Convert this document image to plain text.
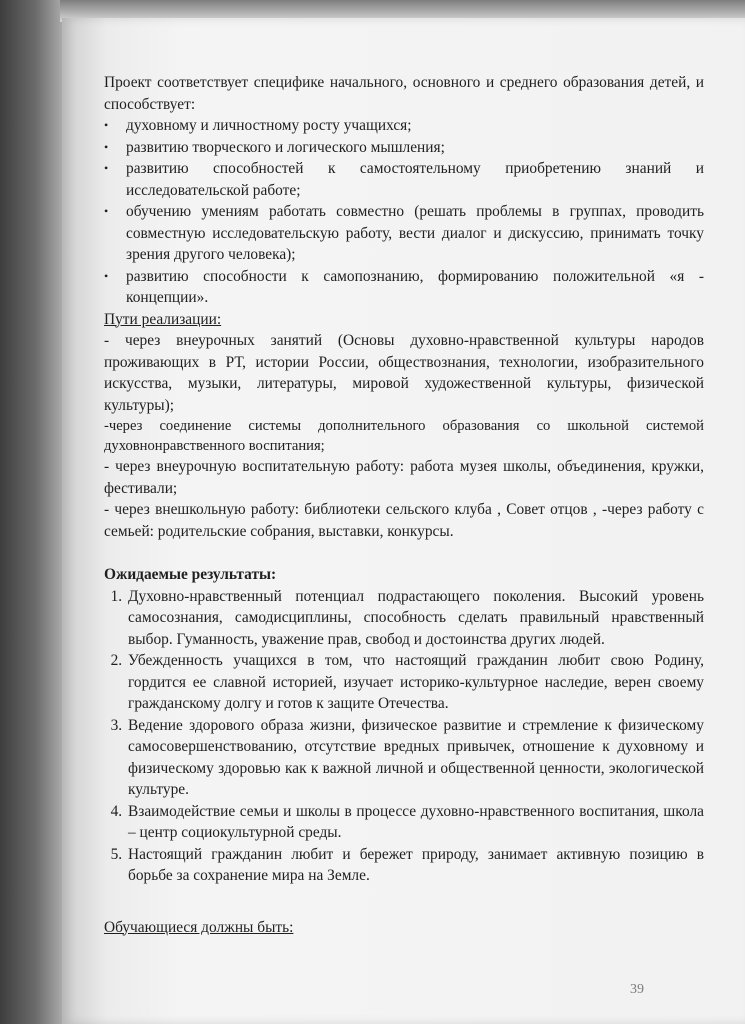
Проект соответствует специфике начального, основного и среднего образования детей, и способствует:

•	духовному и личностному росту учащихся;
•	развитию творческого и логического мышления;
•	развитию способностей к самостоятельному приобретению знаний и исследовательской работе;
•	обучению умениям работать совместно (решать проблемы в группах, проводить совместную исследовательскую работу, вести диалог и дискуссию, принимать точку зрения другого человека);
•	развитию способности к самопознанию, формированию положительной «я - концепции».

Пути реализации:

- через внеурочных занятий (Основы духовно-нравственной культуры народов проживающих в РТ, истории России, обществознания, технологии, изобразительного искусства, музыки, литературы, мировой художественной культуры, физической культуры);

-через соединение системы дополнительного образования со школьной системой духовнонравственного воспитания;

- через внеурочную воспитательную работу: работа музея школы, объединения, кружки, фестивали;

- через внешкольную работу: библиотеки сельского клуба , Совет отцов , -через работу с семьей: родительские собрания, выставки, конкурсы.

Ожидаемые результаты:

1. Духовно-нравственный потенциал подрастающего поколения. Высокий уровень самосознания, самодисциплины, способность сделать правильный нравственный выбор. Гуманность, уважение прав, свобод и достоинства других людей.
2. Убежденность учащихся в том, что настоящий гражданин любит свою Родину, гордится ее славной историей, изучает историко-культурное наследие, верен своему гражданскому долгу и готов к защите Отечества.
3. Ведение здорового образа жизни, физическое развитие и стремление к физическому самосовершенствованию, отсутствие вредных привычек, отношение к духовному и физическому здоровью как к важной личной и общественной ценности, экологической культуре.
4. Взаимодействие семьи и школы в процессе духовно-нравственного воспитания, школа – центр социокультурной среды.
5. Настоящий гражданин любит и бережет природу, занимает активную позицию в борьбе за сохранение мира на Земле.

Обучающиеся должны быть:

39
